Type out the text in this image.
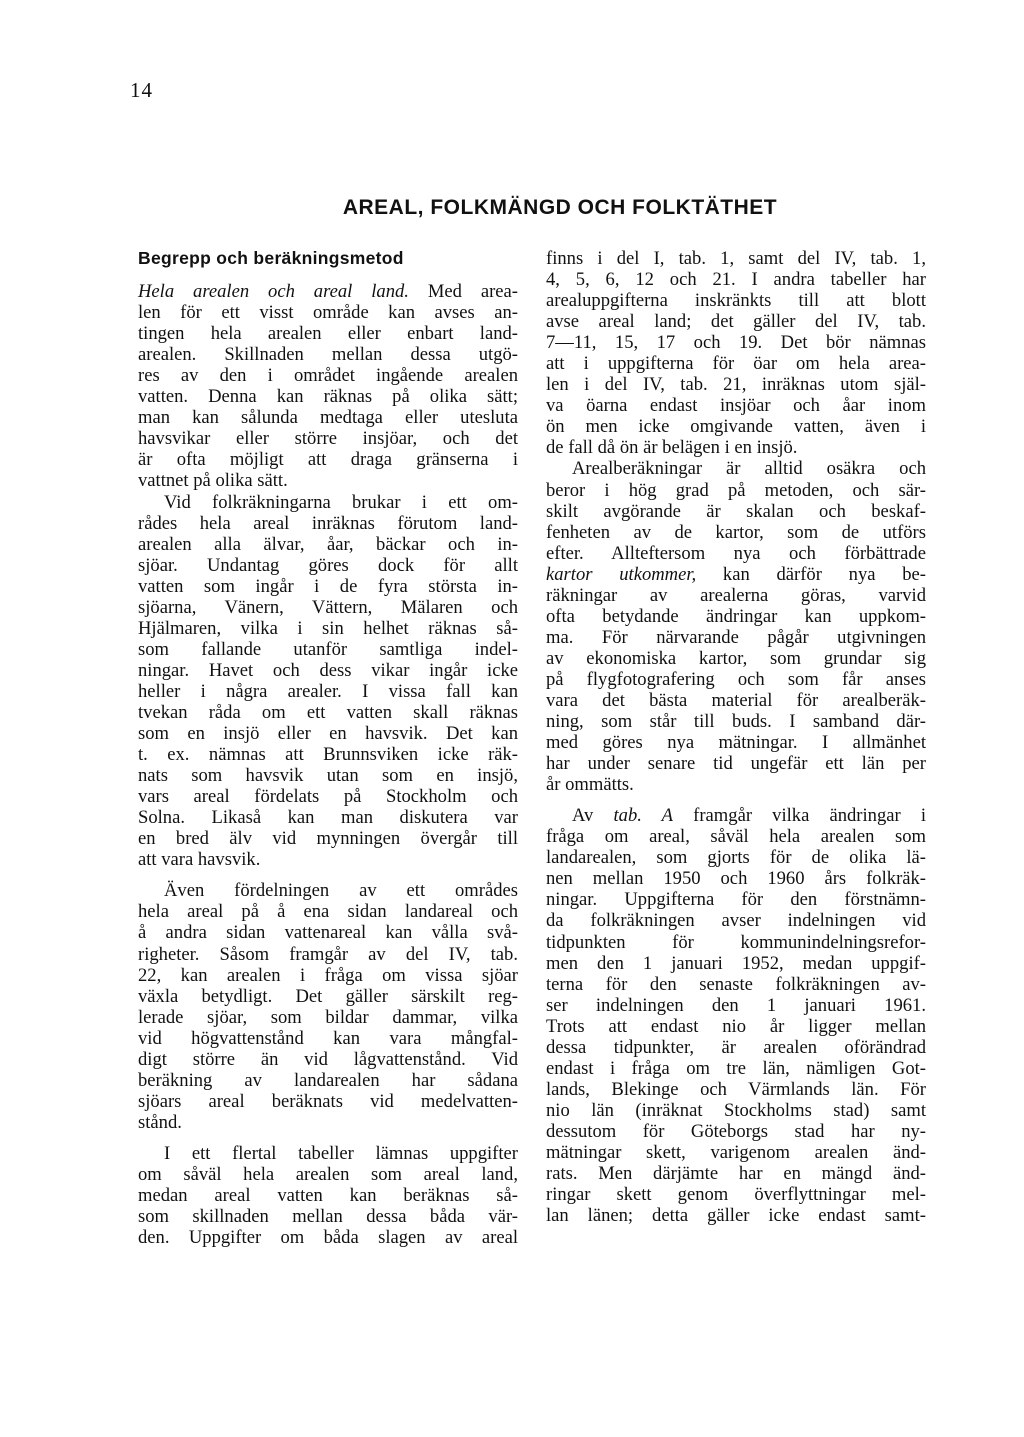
14
AREAL, FOLKMÄNGD OCH FOLKTÄTHET
Begrepp och beräkningsmetod
Hela arealen och areal land. Med area-
len för ett visst område kan avses an-
tingen hela arealen eller enbart land-
arealen. Skillnaden mellan dessa utgö-
res av den i området ingående arealen
vatten. Denna kan räknas på olika sätt;
man kan sålunda medtaga eller utesluta
havsvikar eller större insjöar, och det
är ofta möjligt att draga gränserna i
vattnet på olika sätt.
Vid folkräkningarna brukar i ett om-
rådes hela areal inräknas förutom land-
arealen alla älvar, åar, bäckar och in-
sjöar. Undantag göres dock för allt
vatten som ingår i de fyra största in-
sjöarna, Vänern, Vättern, Mälaren och
Hjälmaren, vilka i sin helhet räknas så-
som fallande utanför samtliga indel-
ningar. Havet och dess vikar ingår icke
heller i några arealer. I vissa fall kan
tvekan råda om ett vatten skall räknas
som en insjö eller en havsvik. Det kan
t. ex. nämnas att Brunnsviken icke räk-
nats som havsvik utan som en insjö,
vars areal fördelats på Stockholm och
Solna. Likaså kan man diskutera var
en bred älv vid mynningen övergår till
att vara havsvik.
Även fördelningen av ett områdes
hela areal på å ena sidan landareal och
å andra sidan vattenareal kan vålla svå-
righeter. Såsom framgår av del IV, tab.
22, kan arealen i fråga om vissa sjöar
växla betydligt. Det gäller särskilt reg-
lerade sjöar, som bildar dammar, vilka
vid högvattenstånd kan vara mångfal-
digt större än vid lågvattenstånd. Vid
beräkning av landarealen har sådana
sjöars areal beräknats vid medelvatten-
stånd.
I ett flertal tabeller lämnas uppgifter
om såväl hela arealen som areal land,
medan areal vatten kan beräknas så-
som skillnaden mellan dessa båda vär-
den. Uppgifter om båda slagen av areal
finns i del I, tab. 1, samt del IV, tab. 1,
4, 5, 6, 12 och 21. I andra tabeller har
arealuppgifterna inskränkts till att blott
avse areal land; det gäller del IV, tab.
7—11, 15, 17 och 19. Det bör nämnas
att i uppgifterna för öar om hela area-
len i del IV, tab. 21, inräknas utom själ-
va öarna endast insjöar och åar inom
ön men icke omgivande vatten, även i
de fall då ön är belägen i en insjö.
Arealberäkningar är alltid osäkra och
beror i hög grad på metoden, och sär-
skilt avgörande är skalan och beskaf-
fenheten av de kartor, som de utförs
efter. Allteftersom nya och förbättrade
kartor utkommer, kan därför nya be-
räkningar av arealerna göras, varvid
ofta betydande ändringar kan uppkom-
ma. För närvarande pågår utgivningen
av ekonomiska kartor, som grundar sig
på flygfotografering och som får anses
vara det bästa material för arealberäk-
ning, som står till buds. I samband där-
med göres nya mätningar. I allmänhet
har under senare tid ungefär ett län per
år ommätts.
Av tab. A framgår vilka ändringar i
fråga om areal, såväl hela arealen som
landarealen, som gjorts för de olika lä-
nen mellan 1950 och 1960 års folkräk-
ningar. Uppgifterna för den förstnämn-
da folkräkningen avser indelningen vid
tidpunkten för kommunindelningsrefor-
men den 1 januari 1952, medan uppgif-
terna för den senaste folkräkningen av-
ser indelningen den 1 januari 1961.
Trots att endast nio år ligger mellan
dessa tidpunkter, är arealen oförändrad
endast i fråga om tre län, nämligen Got-
lands, Blekinge och Värmlands län. För
nio län (inräknat Stockholms stad) samt
dessutom för Göteborgs stad har ny-
mätningar skett, varigenom arealen änd-
rats. Men därjämte har en mängd änd-
ringar skett genom överflyttningar mel-
lan länen; detta gäller icke endast samt-
